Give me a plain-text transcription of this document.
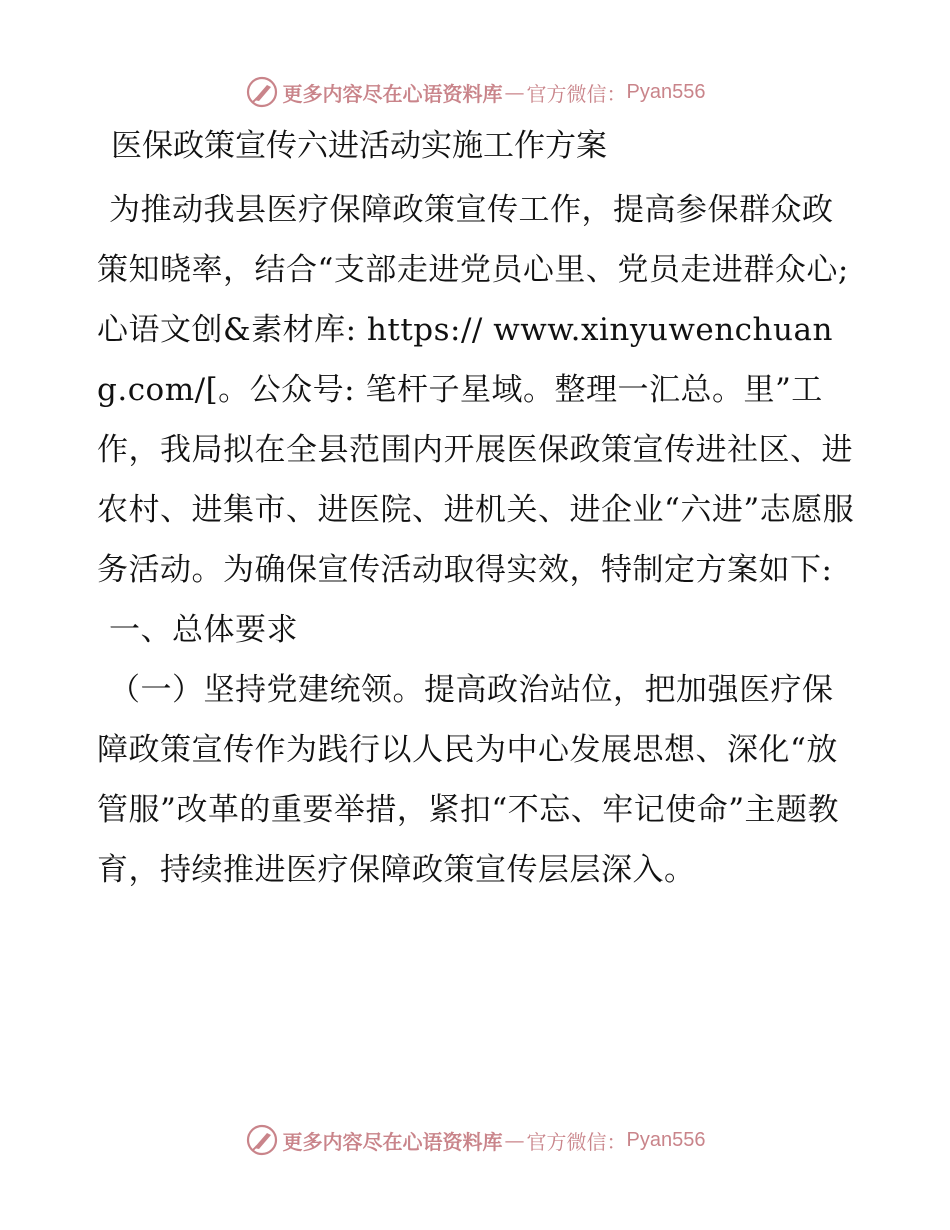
更多内容尽在心语资料库 — 官方微信： Pyan556
医保政策宣传六进活动实施工作方案

为推动我县医疗保障政策宣传工作，提高参保群众政策知晓率，结合“支部走进党员心里、党员走进群众心;心语文创&素材库: https:// www.xinyuwenchuang.com/[。公众号: 笔杆子星域。整理一汇总。里”工作，我局拟在全县范围内开展医保政策宣传进社区、进农村、进集市、进医院、进机关、进企业“六进”志愿服务活动。为确保宣传活动取得实效，特制定方案如下:

一、总体要求

（一）坚持党建统领。提高政治站位，把加强医疗保障政策宣传作为践行以人民为中心发展思想、深化“放管服”改革的重要举措，紧扣“不忘、牢记使命”主题教育，持续推进医疗保障政策宣传层层深入。

更多内容尽在心语资料库 — 官方微信： Pyan556
